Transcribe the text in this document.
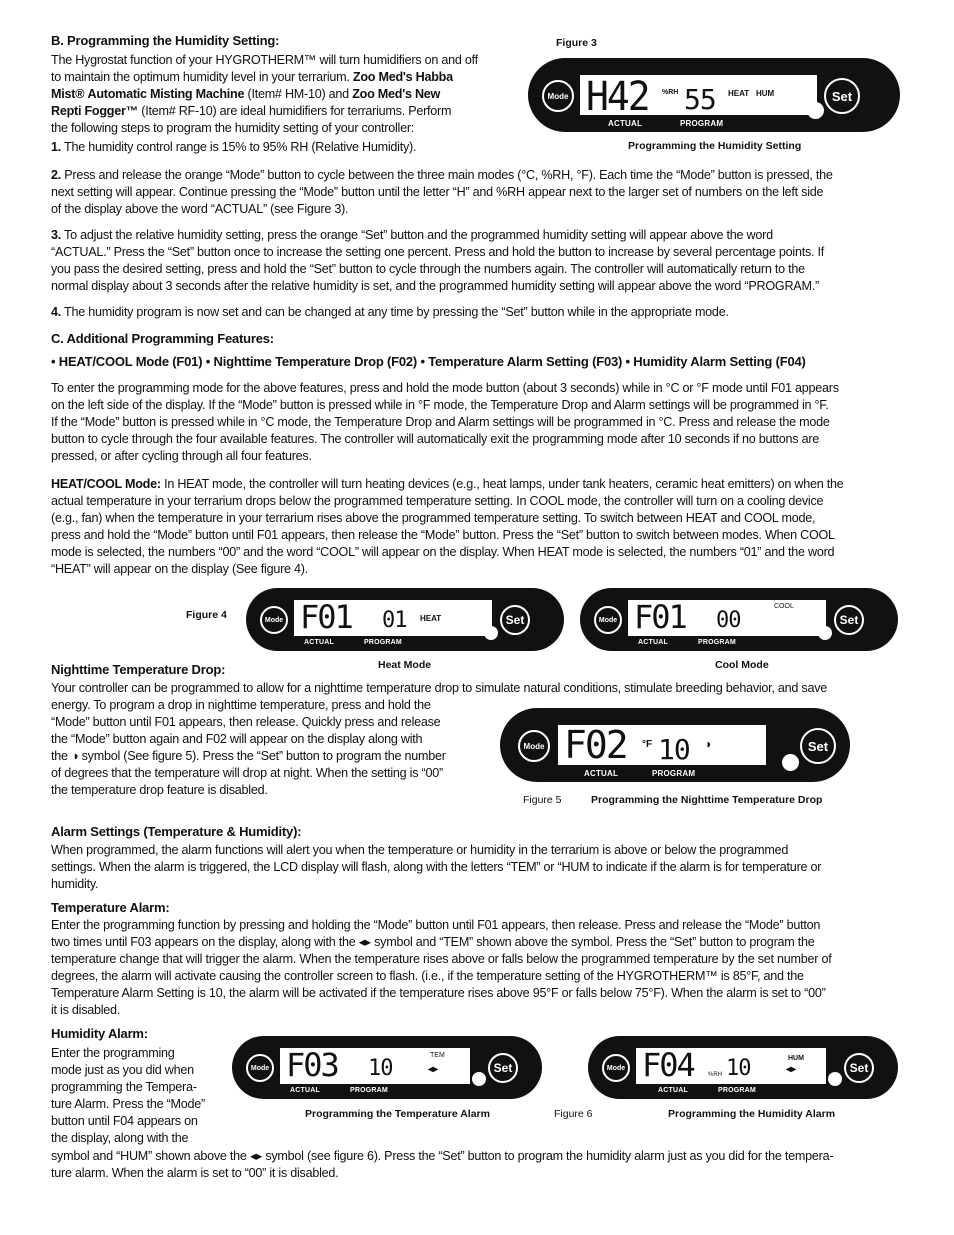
B. Programming the Humidity Setting:
The Hygrostat function of your HYGROTHERM™ will turn humidifiers on and off
to maintain the optimum humidity level in your terrarium. Zoo Med's Habba
Mist® Automatic Misting Machine (Item# HM-10) and Zoo Med's New
Repti Fogger™ (Item# RF-10) are ideal humidifiers for terrariums. Perform
the following steps to program the humidity setting of your controller:
1. The humidity control range is 15% to 95% RH (Relative Humidity).
Figure 3
Mode H42 %RH 55 HEAT HUM
ACTUAL	PROGRAM
Set
Programming the Humidity Setting
2. Press and release the orange “Mode” button to cycle between the three main modes (°C, %RH, °F). Each time the “Mode” button is pressed, the
next setting will appear. Continue pressing the “Mode” button until the letter “H” and %RH appear next to the larger set of numbers on the left side
of the display above the word “ACTUAL” (see Figure 3).
3. To adjust the relative humidity setting, press the orange “Set” button and the programmed humidity setting will appear above the word
“ACTUAL.” Press the “Set” button once to increase the setting one percent. Press and hold the button to increase by several percentage points. If
you pass the desired setting, press and hold the “Set” button to cycle through the numbers again. The controller will automatically return to the
normal display about 3 seconds after the relative humidity is set, and the programmed humidity setting will appear above the word “PROGRAM.”
4. The humidity program is now set and can be changed at any time by pressing the “Set” button while in the appropriate mode.
C. Additional Programming Features:
• HEAT/COOL Mode (F01) • Nighttime Temperature Drop (F02) • Temperature Alarm Setting (F03) • Humidity Alarm Setting (F04)
To enter the programming mode for the above features, press and hold the mode button (about 3 seconds) while in °C or °F mode until F01 appears
on the left side of the display. If the “Mode” button is pressed while in °F mode, the Temperature Drop and Alarm settings will be programmed in °F.
If the “Mode” button is pressed while in °C mode, the Temperature Drop and Alarm settings will be programmed in °C. Press and release the mode
button to cycle through the four available features. The controller will automatically exit the programming mode after 10 seconds if no buttons are
pressed, or after cycling through all four features.
HEAT/COOL Mode: In HEAT mode, the controller will turn heating devices (e.g., heat lamps, under tank heaters, ceramic heat emitters) on when the
actual temperature in your terrarium drops below the programmed temperature setting. In COOL mode, the controller will turn on a cooling device
(e.g., fan) when the temperature in your terrarium rises above the programmed temperature setting. To switch between HEAT and COOL mode,
press and hold the “Mode” button until F01 appears, then release the “Mode” button. Press the “Set” button to switch between modes. When COOL
mode is selected, the numbers “00” and the word “COOL” will appear on the display. When HEAT mode is selected, the numbers “01” and the word
“HEAT” will appear on the display (See figure 4).
Figure 4	Mode F01 01 HEAT
ACTUAL	PROGRAM
Set
Heat Mode
Mode F01 00
COOL
ACTUAL	PROGRAM
Set
Cool Mode
Nighttime Temperature Drop:
Your controller can be programmed to allow for a nighttime temperature drop to simulate natural conditions, stimulate breeding behavior, and save
energy. To program a drop in nighttime temperature, press and hold the
“Mode” button until F01 appears, then release. Quickly press and release
the “Mode” button again and F02 will appear on the display along with
the ◑ symbol (See figure 5). Press the “Set” button to program the number
of degrees that the temperature will drop at night. When the setting is “00”
the temperature drop feature is disabled.
Mode F02 °F 10 ◑
ACTUAL	PROGRAM
Set
Figure 5	Programming the Nighttime Temperature Drop
Alarm Settings (Temperature & Humidity):
When programmed, the alarm functions will alert you when the temperature or humidity in the terrarium is above or below the programmed
settings. When the alarm is triggered, the LCD display will flash, along with the letters “TEM” or “HUM to indicate if the alarm is for temperature or
humidity.
Temperature Alarm:
Enter the programming function by pressing and holding the “Mode” button until F01 appears, then release. Press and release the “Mode” button
two times until F03 appears on the display, along with the ◂▸ symbol and “TEM” shown above the symbol. Press the “Set” button to program the
temperature change that will trigger the alarm. When the temperature rises above or falls below the programmed temperature by the set number of
degrees, the alarm will activate causing the controller screen to flash. (i.e., if the temperature setting of the HYGROTHERM™ is 85°F, and the
Temperature Alarm Setting is 10, the alarm will be activated if the temperature rises above 95°F or falls below 75°F). When the alarm is set to “00”
it is disabled.
Humidity Alarm:
Enter the programming
mode just as you did when
programming the Tempera-
ture Alarm. Press the “Mode”
button until F04 appears on
the display, along with the
symbol and “HUM” shown above the ◂▸ symbol (see figure 6). Press the “Set” button to program the humidity alarm just as you did for the tempera-
ture alarm. When the alarm is set to “00” it is disabled.
Mode F03 10
TEM
◂▸
ACTUAL	PROGRAM
Set
Programming the Temperature Alarm
Mode F04 %RH 10	HUM
◂▸
ACTUAL	PROGRAM
Set
Figure 6	Programming the Humidity Alarm
